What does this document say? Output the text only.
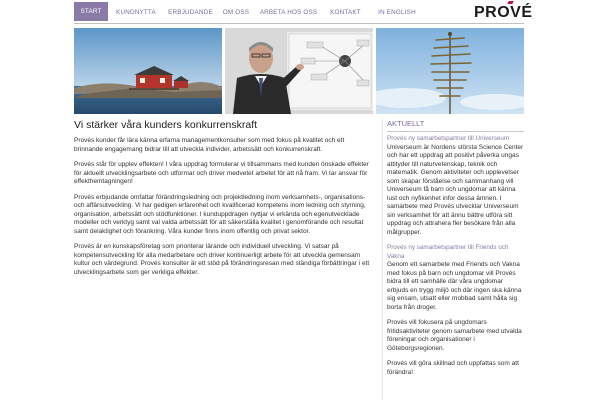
START	KUNDNYTTA	ERBJUDANDE	OM OSS	ARBETA HOS OSS	KONTAKT	IN ENGLISH	PROVÉ
Vi stärker våra kunders konkurrenskraft

Provés kunder får lära känna erfarna managementkonsulter som med fokus på kvalitet och ett brinnande engagemang bidrar till att utveckla individer, arbetssätt och konkurrenskraft.

Provés står för upplev effekten! I våra uppdrag formulerar vi tillsammans med kunden önskade effekter för aktuellt utvecklingsarbete och utformar och driver medvetet arbetet för att nå fram. Vi tar ansvar för effekthemtagningen!

Provés erbjudande omfattar förändringsledning och projektledning inom verksamhets-, organisations- och affärsutveckling. Vi har gedigen erfarenhet och kvalificerad kompetens inom ledning och styrning, organisation, arbetssätt och stödfunktioner. I kunduppdragen nyttjar vi erkända och egenutvecklade modeller och verktyg samt val valda arbetssätt för att säkerställa kvalitet i genomförande och resultat samt delaktighet och förankring. Våra kunder finns inom offentlig och privat sektor.

Provés är en kunskapsföretag som prioriterar lärande och individuell utveckling. Vi satsar på kompetensutveckling för alla medarbetare och driver kontinuerligt arbete för att utveckla gemensam kultur och värdegrund. Provés konsulter är ett stöd på förändringsresan med ständiga förbättringar i ett utvecklingsarbete som ger verkliga effekter.

AKTUELLT
Provés ny samarbetspartner till Universeum
Universeum är Nordens största Science Center och har ett uppdrag att positivt påverka ungas attityder till naturvetenskap, teknik och matematik. Genom aktiviteter och upplevelser som skapar förståelse och sammanhang vill Universeum få barn och ungdomar att känna lust och nyfikenhet infor dessa ämnen. I samarbete med Provés utvecklar Universeum sin verksamhet för att ännu bättre utföra sitt uppdrag och attrahera fler besökare från alla målgrupper.
Provés ny samarbetspartner till Friends och Vakna
Genom ett samarbete med Friends och Vakna med fokus på barn och ungdomar vill Provés bidra till ett samhälle där våra ungdomar erbjuds en trygg miljö och där ingen ska känna sig ensam, utsatt eller mobbad samt hålla sig borta från droger.
Provés vill fokusera på ungdomars fritidsaktiviteter genom samarbete med utvalda föreningar och organisationer i Göteborgsregionen.
Provés vill göra skillnad och uppfattas som att förändra!
